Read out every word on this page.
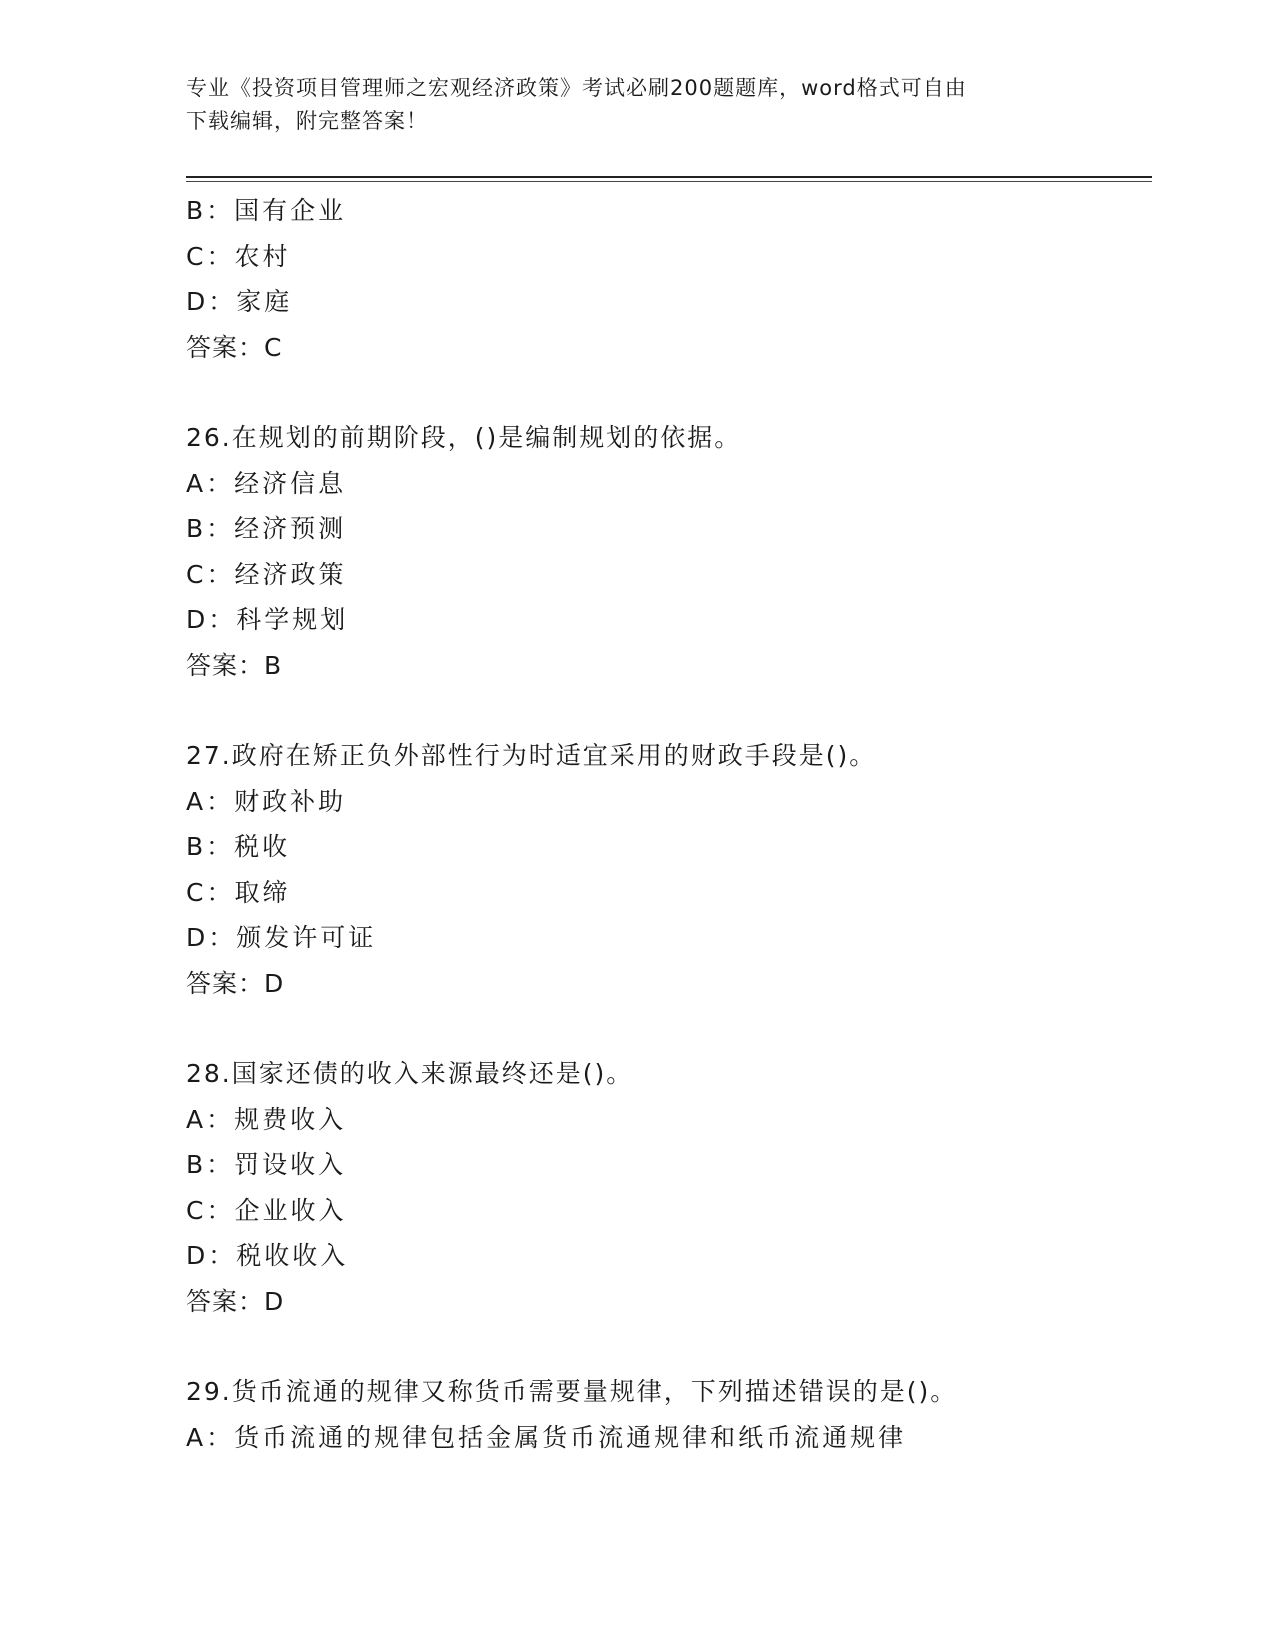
专业《投资项目管理师之宏观经济政策》考试必刷200题题库，word格式可自由
下载编辑，附完整答案！
B：国有企业
C：农村
D：家庭
答案：C
26.在规划的前期阶段，()是编制规划的依据。
A：经济信息
B：经济预测
C：经济政策
D：科学规划
答案：B
27.政府在矫正负外部性行为时适宜采用的财政手段是()。
A：财政补助
B：税收
C：取缔
D：颁发许可证
答案：D
28.国家还债的收入来源最终还是()。
A：规费收入
B：罚设收入
C：企业收入
D：税收收入
答案：D
29.货币流通的规律又称货币需要量规律，下列描述错误的是()。
A：货币流通的规律包括金属货币流通规律和纸币流通规律
